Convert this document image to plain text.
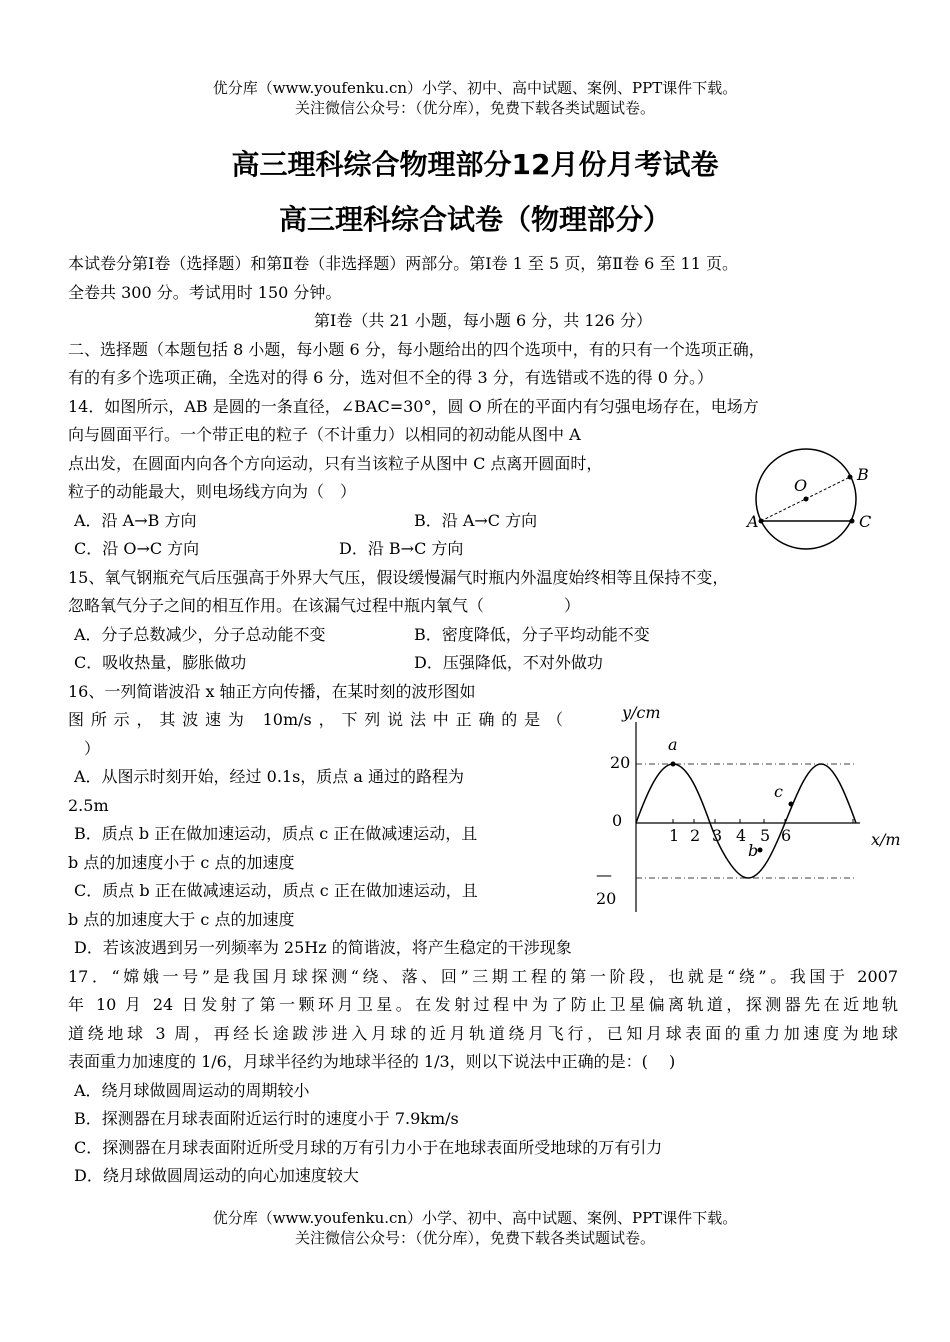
优分库（www.youfenku.cn）小学、初中、高中试题、案例、PPT课件下载。
关注微信公众号：（优分库），免费下载各类试题试卷。
高三理科综合物理部分12月份月考试卷
高三理科综合试卷（物理部分）

本试卷分第Ⅰ卷（选择题）和第Ⅱ卷（非选择题）两部分。第Ⅰ卷 1 至 5 页，第Ⅱ卷 6 至 11 页。

全卷共 300 分。考试用时 150 分钟。

第Ⅰ卷（共 21 小题，每小题 6 分，共 126 分）

二、选择题（本题包括 8 小题，每小题 6 分，每小题给出的四个选项中，有的只有一个选项正确，

有的有多个选项正确，全选对的得 6 分，选对但不全的得 3 分，有选错或不选的得 0 分。）

14．如图所示，AB 是圆的一条直径，∠BAC=30°，圆 O 所在的平面内有匀强电场存在，电场方

向与圆面平行。一个带正电的粒子（不计重力）以相同的初动能从图中 A

点出发，在圆面内向各个方向运动，只有当该粒子从图中 C 点离开圆面时，

粒子的动能最大，则电场线方向为（　）

A．沿 A→B 方向	B．沿 A→C 方向

C．沿 O→C 方向	D．沿 B→C 方向

15、氧气钢瓶充气后压强高于外界大气压，假设缓慢漏气时瓶内外温度始终相等且保持不变，

忽略氧气分子之间的相互作用。在该漏气过程中瓶内氧气（　　　　　）

A．分子总数减少，分子总动能不变	B．密度降低，分子平均动能不变

C．吸收热量，膨胀做功	D．压强降低，不对外做功

16、一列简谐波沿 x 轴正方向传播，在某时刻的波形图如

图所示，其波速为 10m/s，下列说法中正确的是（

　）

A．从图示时刻开始，经过 0.1s，质点 a 通过的路程为

2.5m

B．质点 b 正在做加速运动，质点 c 正在做减速运动，且

b 点的加速度小于 c 点的加速度

C．质点 b 正在做减速运动，质点 c 正在做加速运动，且

b 点的加速度大于 c 点的加速度

D．若该波遇到另一列频率为 25Hz 的简谐波，将产生稳定的干涉现象

17．“嫦娥一号”是我国月球探测“绕、落、回”三期工程的第一阶段，也就是“绕”。我国于 2007

年 10 月 24 日发射了第一颗环月卫星。在发射过程中为了防止卫星偏离轨道，探测器先在近地轨

道绕地球 3 周，再经长途跋涉进入月球的近月轨道绕月飞行，已知月球表面的重力加速度为地球

表面重力加速度的 1/6，月球半径约为地球半径的 1/3，则以下说法中正确的是：(　 )

A．绕月球做圆周运动的周期较小

B．探测器在月球表面附近运行时的速度小于 7.9km/s

C．探测器在月球表面附近所受月球的万有引力小于在地球表面所受地球的万有引力

D．绕月球做圆周运动的向心加速度较大

O
B
A	C
y/cm
x/m
20
0
—
20
1 2 3 4 5 6
a
b
c
优分库（www.youfenku.cn）小学、初中、高中试题、案例、PPT课件下载。
关注微信公众号：（优分库），免费下载各类试题试卷。
